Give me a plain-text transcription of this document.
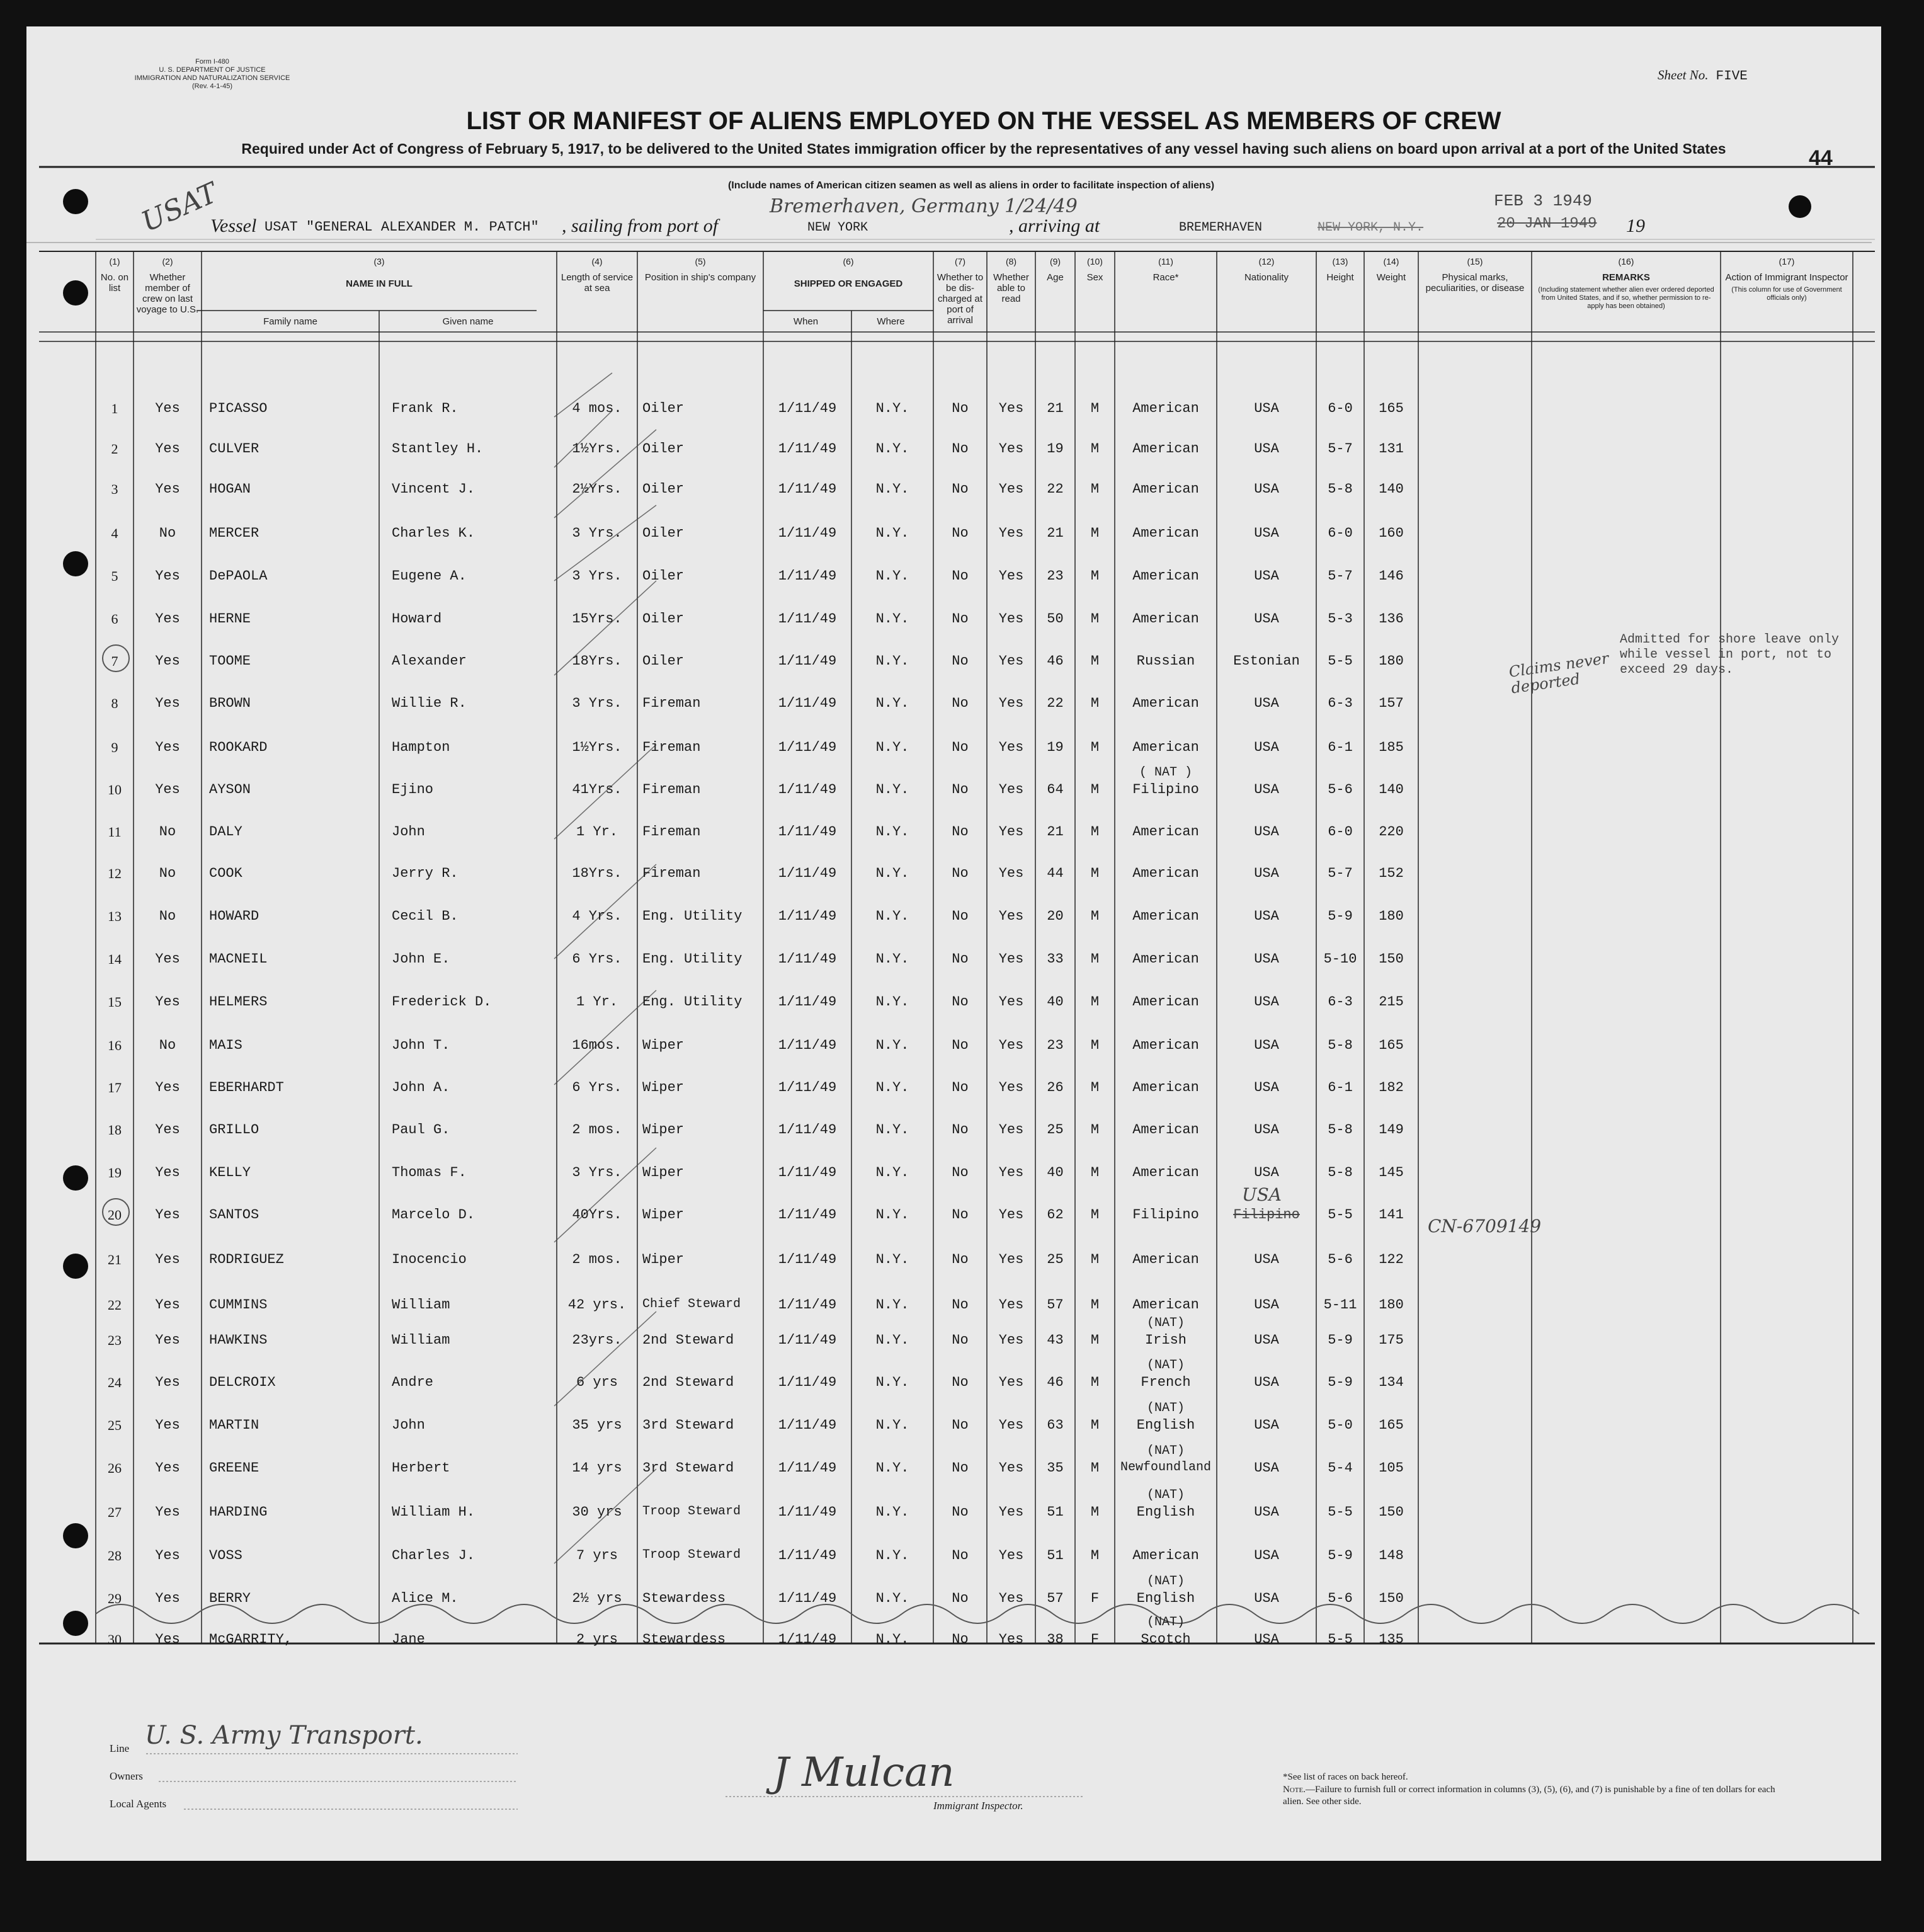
Form I-480
U. S. DEPARTMENT OF JUSTICE
IMMIGRATION AND NATURALIZATION SERVICE
(Rev. 4-1-45)
LIST OR MANIFEST OF ALIENS EMPLOYED ON THE VESSEL AS MEMBERS OF CREW
Sheet No. FIVE
Required under Act of Congress of February 5, 1917, to be delivered to the United States immigration officer by the representatives of any vessel having such aliens on board upon arrival at a port of the United States	44
(Include names of American citizen seamen as well as aliens in order to facilitate inspection of aliens)
USAT
Vessel USAT "GENERAL ALEXANDER M. PATCH" , sailing from port of
Bremerhaven, Germany 1/24/49
NEW YORK	, arriving at	BREMERHAVEN	NEW YORK, N.Y.
FEB 3 1949
20 JAN 1949 19
(1)
No. on list
(2)
Whether member of crew on last voyage to U.S.
(3)
NAME IN FULL
Family name	Given name
(4)
Length of service at sea
(5)
Position in ship's company
(6)
SHIPPED OR ENGAGED
When	Where
(7)
Whether to be dis-charged at port of arrival
(8)
Whether able to read
(9)
Age
(10)
Sex
(11)
Race*
(12)
Nationality
(13)
Height
(14)
Weight
(15)
Physical marks, peculiarities, or disease
(16)
REMARKS
(Including statement whether alien ever ordered deported from United States, and if so, whether permission to re-apply has been obtained)
(17)
Action of Immigrant Inspector
(This column for use of Government officials only)
1	Yes	PICASSO	Frank R.	4 mos.	Oiler	1/11/49	N.Y.	No	Yes	21	M	American	USA	6-0	165
2	Yes	CULVER	Stantley H.	1½Yrs.	Oiler	1/11/49	N.Y.	No	Yes	19	M	American	USA	5-7	131
3	Yes	HOGAN	Vincent J.	2½Yrs.	Oiler	1/11/49	N.Y.	No	Yes	22	M	American	USA	5-8	140
4	No	MERCER	Charles K.	3 Yrs.	Oiler	1/11/49	N.Y.	No	Yes	21	M	American	USA	6-0	160
5	Yes	DePAOLA	Eugene A.	3 Yrs.	Oiler	1/11/49	N.Y.	No	Yes	23	M	American	USA	5-7	146
6	Yes	HERNE	Howard	15Yrs.	Oiler	1/11/49	N.Y.	No	Yes	50	M	American	USA	5-3	136
7	Yes	TOOME	Alexander	18Yrs.	Oiler	1/11/49	N.Y.	No	Yes	46	M	Russian	Estonian	5-5	180
8	Yes	BROWN	Willie R.	3 Yrs.	Fireman	1/11/49	N.Y.	No	Yes	22	M	American	USA	6-3	157
9	Yes	ROOKARD	Hampton	1½Yrs.	Fireman	1/11/49	N.Y.	No	Yes	19	M	American	USA	6-1	185
10	Yes	AYSON	Ejino	41Yrs.	Fireman	1/11/49	N.Y.	No	Yes	64	M	Filipino	USA	5-6	140
( NAT )
11	No	DALY	John	1 Yr.	Fireman	1/11/49	N.Y.	No	Yes	21	M	American	USA	6-0	220
12	No	COOK	Jerry R.	18Yrs.	Fireman	1/11/49	N.Y.	No	Yes	44	M	American	USA	5-7	152
13	No	HOWARD	Cecil B.	4 Yrs.	Eng. Utility	1/11/49	N.Y.	No	Yes	20	M	American	USA	5-9	180
14	Yes	MACNEIL	John E.	6 Yrs.	Eng. Utility	1/11/49	N.Y.	No	Yes	33	M	American	USA	5-10	150
15	Yes	HELMERS	Frederick D.	1 Yr.	Eng. Utility	1/11/49	N.Y.	No	Yes	40	M	American	USA	6-3	215
16	No	MAIS	John T.	16mos.	Wiper	1/11/49	N.Y.	No	Yes	23	M	American	USA	5-8	165
17	Yes	EBERHARDT	John A.	6 Yrs.	Wiper	1/11/49	N.Y.	No	Yes	26	M	American	USA	6-1	182
18	Yes	GRILLO	Paul G.	2 mos.	Wiper	1/11/49	N.Y.	No	Yes	25	M	American	USA	5-8	149
19	Yes	KELLY	Thomas F.	3 Yrs.	Wiper	1/11/49	N.Y.	No	Yes	40	M	American	USA	5-8	145
20	Yes	SANTOS	Marcelo D.	40Yrs.	Wiper	1/11/49	N.Y.	No	Yes	62	M	Filipino	Filipino	5-5	141
USA
21	Yes	RODRIGUEZ	Inocencio	2 mos.	Wiper	1/11/49	N.Y.	No	Yes	25	M	American	USA	5-6	122
22	Yes	CUMMINS	William	42 yrs.	Chief Steward	1/11/49	N.Y.	No	Yes	57	M	American	USA	5-11	180
23	Yes	HAWKINS	William	23yrs.	2nd Steward	1/11/49	N.Y.	No	Yes	43	M	Irish	USA	5-9	175
(NAT)
24	Yes	DELCROIX	Andre	6 yrs	2nd Steward	1/11/49	N.Y.	No	Yes	46	M	French	USA	5-9	134
(NAT)
25	Yes	MARTIN	John	35 yrs	3rd Steward	1/11/49	N.Y.	No	Yes	63	M	English	USA	5-0	165
(NAT)
26	Yes	GREENE	Herbert	14 yrs	3rd Steward	1/11/49	N.Y.	No	Yes	35	M	Newfoundland	USA	5-4	105
(NAT)
27	Yes	HARDING	William H.	30 yrs	Troop Steward	1/11/49	N.Y.	No	Yes	51	M	English	USA	5-5	150
(NAT)
28	Yes	VOSS	Charles J.	7 yrs	Troop Steward	1/11/49	N.Y.	No	Yes	51	M	American	USA	5-9	148
29	Yes	BERRY	Alice M.	2½ yrs	Stewardess	1/11/49	N.Y.	No	Yes	57	F	English	USA	5-6	150
(NAT)
30	Yes	McGARRITY,	Jane	2 yrs	Stewardess	1/11/49	N.Y.	No	Yes	38	F	Scotch	USA	5-5	135
(NAT)
Admitted for shore leave only while vessel in port, not to exceed 29 days.
Claims never deported
CN-6709149
Line U. S. Army Transport.
Owners
Local Agents
J Mulcan
Immigrant Inspector.
*See list of races on back hereof.
Note.—Failure to furnish full or correct information in columns (3), (5), (6), and (7) is punishable by a fine of ten dollars for each alien. See other side.
